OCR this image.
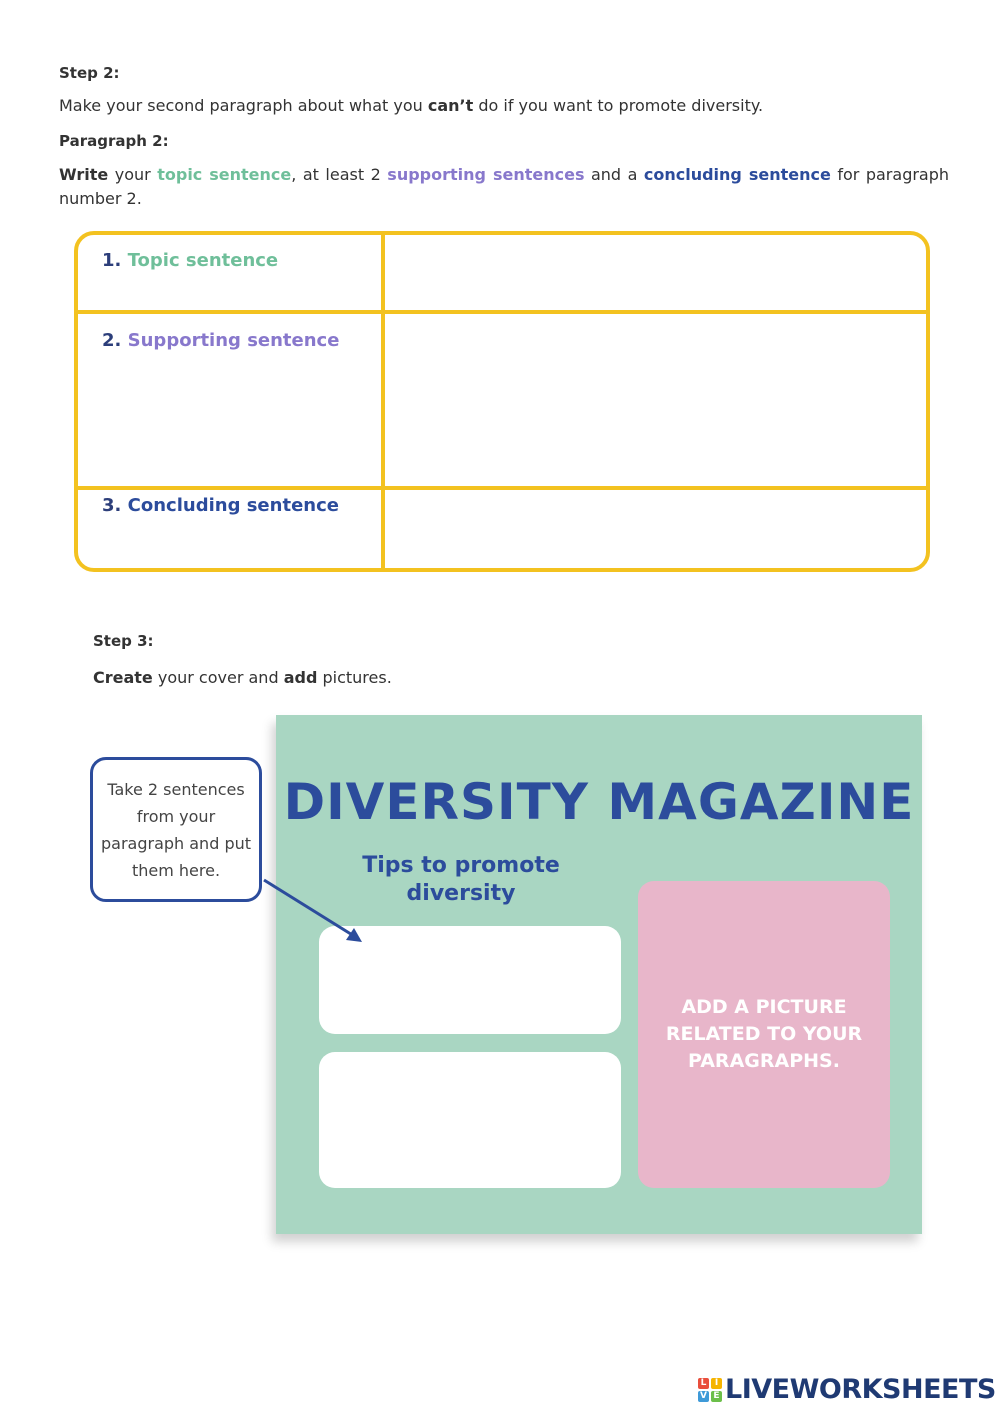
Step 2:
Make your second paragraph about what you can’t do if you want to promote diversity.
Paragraph 2:
Write your topic sentence, at least 2 supporting sentences and a concluding sentence for paragraph number 2.
1. Topic sentence
2. Supporting sentence
3. Concluding sentence
Step 3:
Create your cover and add pictures.
DIVERSITY MAGAZINE
Tips to promote diversity
ADD A PICTURE RELATED TO YOUR PARAGRAPHS.
Take 2 sentences from your paragraph and put them here.
L I
V E LIVEWORKSHEETS
